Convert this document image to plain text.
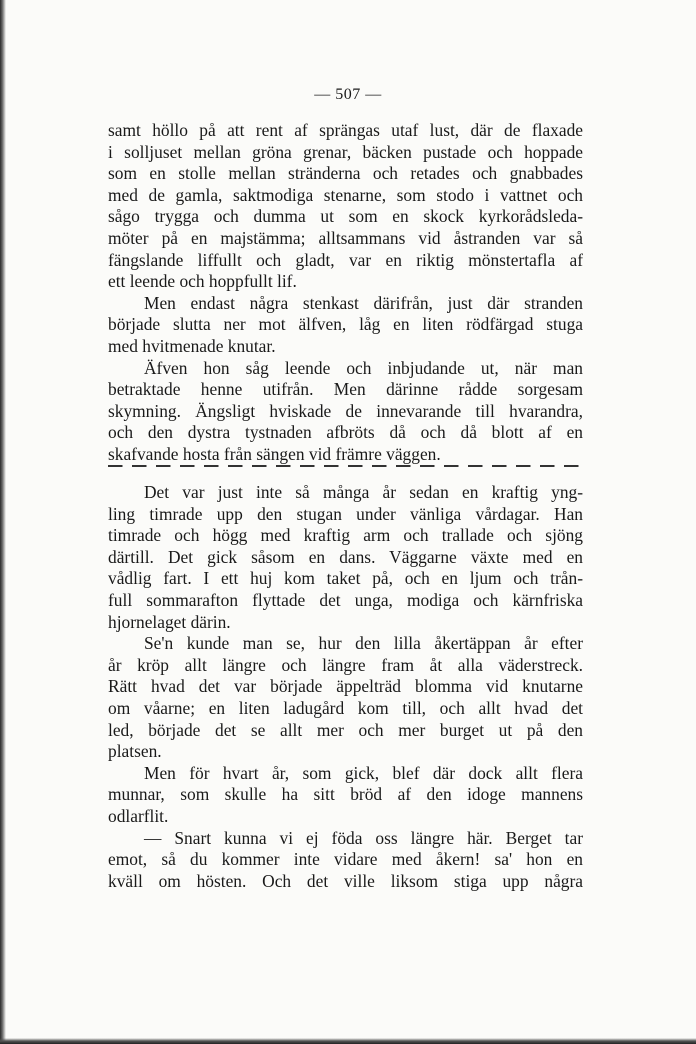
— 507 —
samt höllo på att rent af sprängas utaf lust, där de flaxade
i solljuset mellan gröna grenar, bäcken pustade och hoppade
som en stolle mellan stränderna och retades och gnabbades
med de gamla, saktmodiga stenarne, som stodo i vattnet och
sågo trygga och dumma ut som en skock kyrkorådsleda-
möter på en majstämma; alltsammans vid åstranden var så
fängslande liffullt och gladt, var en riktig mönstertafla af
ett leende och hoppfullt lif.
Men endast några stenkast därifrån, just där stranden
började slutta ner mot älfven, låg en liten rödfärgad stuga
med hvitmenade knutar.
Äfven hon såg leende och inbjudande ut, när man
betraktade henne utifrån. Men därinne rådde sorgesam
skymning. Ängsligt hviskade de innevarande till hvarandra,
och den dystra tystnaden afbröts då och då blott af en
skafvande hosta från sängen vid främre väggen.
Det var just inte så många år sedan en kraftig yng-
ling timrade upp den stugan under vänliga vårdagar. Han
timrade och högg med kraftig arm och trallade och sjöng
därtill. Det gick såsom en dans. Väggarne växte med en
vådlig fart. I ett huj kom taket på, och en ljum och trån-
full sommarafton flyttade det unga, modiga och kärnfriska
hjornelaget därin.
Se'n kunde man se, hur den lilla åkertäppan år efter
år kröp allt längre och längre fram åt alla väderstreck.
Rätt hvad det var började äppelträd blomma vid knutarne
om våarne; en liten ladugård kom till, och allt hvad det
led, började det se allt mer och mer burget ut på den
platsen.
Men för hvart år, som gick, blef där dock allt flera
munnar, som skulle ha sitt bröd af den idoge mannens
odlarflit.
— Snart kunna vi ej föda oss längre här. Berget tar
emot, så du kommer inte vidare med åkern! sa' hon en
kväll om hösten. Och det ville liksom stiga upp några
